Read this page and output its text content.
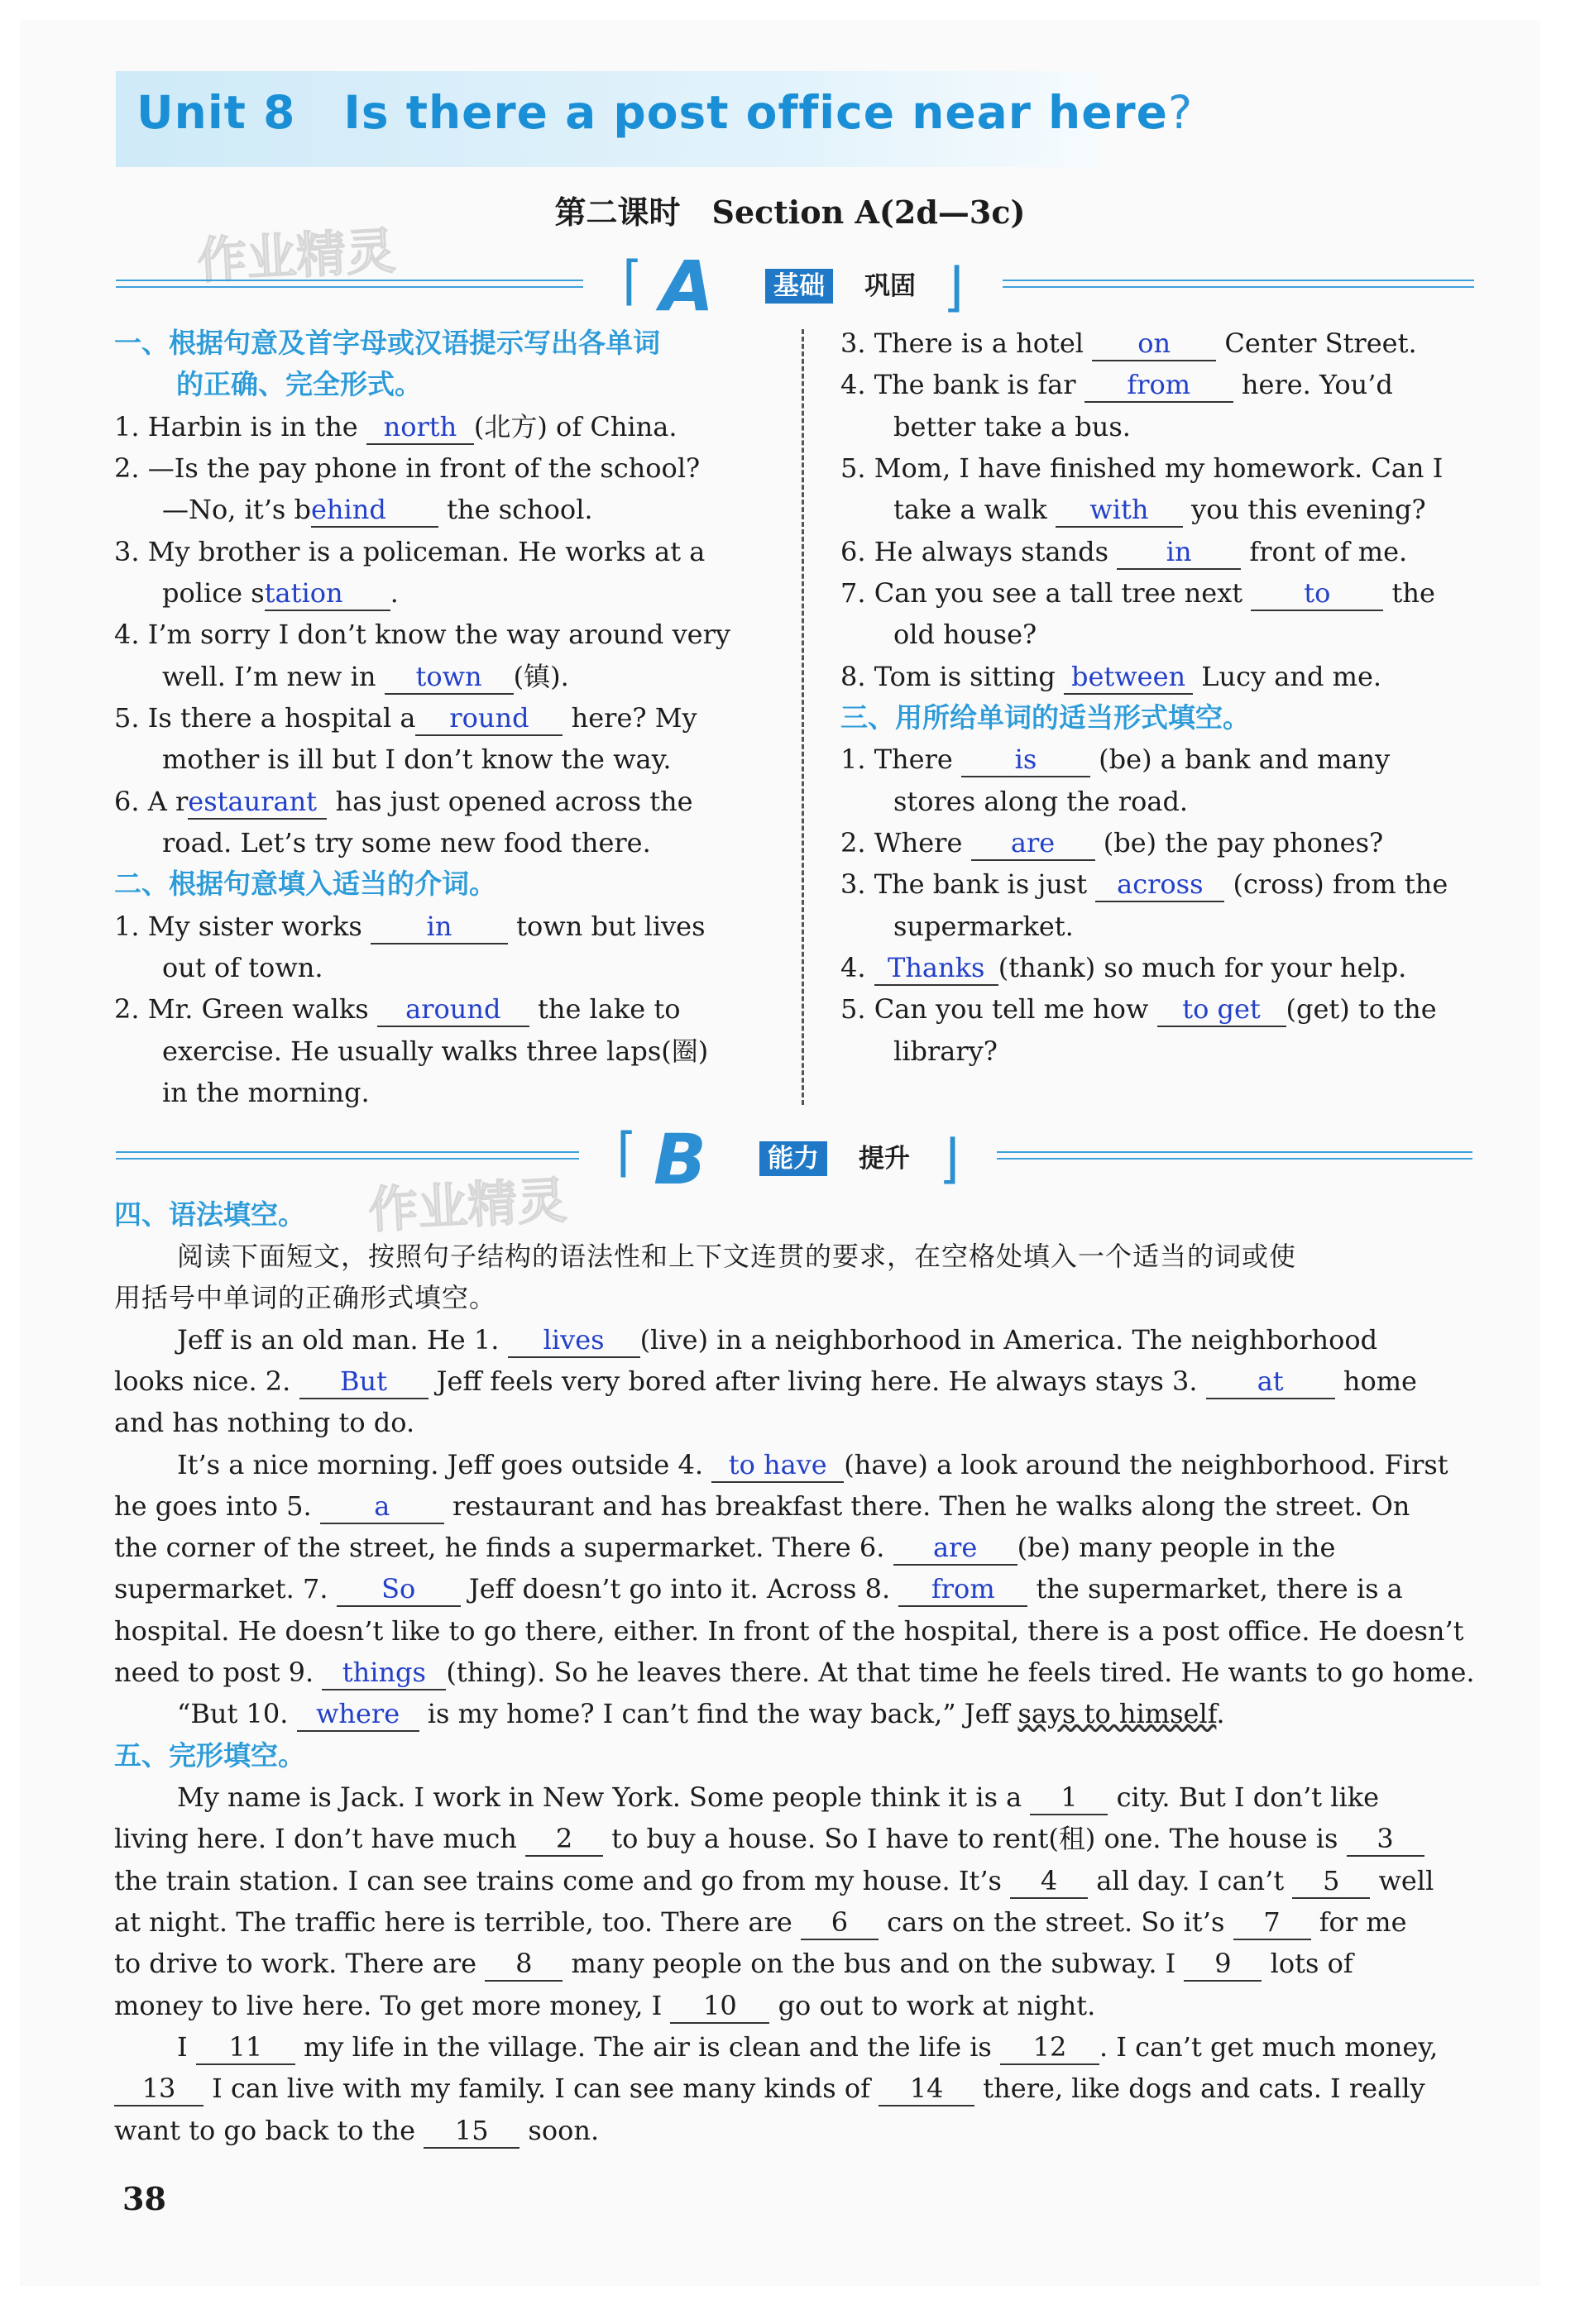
Unit 8 Is there a post office near here?
第二课时　Section A(2d—3c)
作业精灵
作业精灵
⌈ A	基础	巩固 ⌋
一、根据句意及首字母或汉语提示写出各单词
的正确、完全形式。
1. Harbin is in the north (北方) of China.
2. —Is the pay phone in front of the school?
—No, it’s behind the school.
3. My brother is a policeman. He works at a
police station .
4. I’m sorry I don’t know the way around very
well. I’m new in town (镇).
5. Is there a hospital a round here? My
mother is ill but I don’t know the way.
6. A restaurant has just opened across the
road. Let’s try some new food there.
二、根据句意填入适当的介词。
1. My sister works in town but lives
out of town.
2. Mr. Green walks around the lake to
exercise. He usually walks three laps(圈)
in the morning.
3. There is a hotel on Center Street.
4. The bank is far from here. You’d
better take a bus.
5. Mom, I have finished my homework. Can I
take a walk with you this evening?
6. He always stands in front of me.
7. Can you see a tall tree next to the
old house?
8. Tom is sitting between Lucy and me.
三、用所给单词的适当形式填空。
1. There is (be) a bank and many
stores along the road.
2. Where are (be) the pay phones?
3. The bank is just across (cross) from the
supermarket.
4. Thanks (thank) so much for your help.
5. Can you tell me how to get (get) to the
library?
⌈ B	能力	提升 ⌋
四、语法填空。
阅读下面短文，按照句子结构的语法性和上下文连贯的要求，在空格处填入一个适当的词或使
用括号中单词的正确形式填空。
Jeff is an old man. He 1. lives (live) in a neighborhood in America. The neighborhood
looks nice. 2. But Jeff feels very bored after living here. He always stays 3. at home
and has nothing to do.
It’s a nice morning. Jeff goes outside 4. to have (have) a look around the neighborhood. First
he goes into 5. a restaurant and has breakfast there. Then he walks along the street. On
the corner of the street, he finds a supermarket. There 6. are (be) many people in the
supermarket. 7. So Jeff doesn’t go into it. Across 8. from the supermarket, there is a
hospital. He doesn’t like to go there, either. In front of the hospital, there is a post office. He doesn’t
need to post 9. things (thing). So he leaves there. At that time he feels tired. He wants to go home.
“But 10. where is my home? I can’t find the way back,” Jeff says to himself.
五、完形填空。
My name is Jack. I work in New York. Some people think it is a 1 city. But I don’t like
living here. I don’t have much 2 to buy a house. So I have to rent(租) one. The house is 3
the train station. I can see trains come and go from my house. It’s 4 all day. I can’t 5 well
at night. The traffic here is terrible, too. There are 6 cars on the street. So it’s 7 for me
to drive to work. There are 8 many people on the bus and on the subway. I 9 lots of
money to live here. To get more money, I 10 go out to work at night.
I 11 my life in the village. The air is clean and the life is 12 . I can’t get much money,
13 I can live with my family. I can see many kinds of 14 there, like dogs and cats. I really
want to go back to the 15 soon.
38
